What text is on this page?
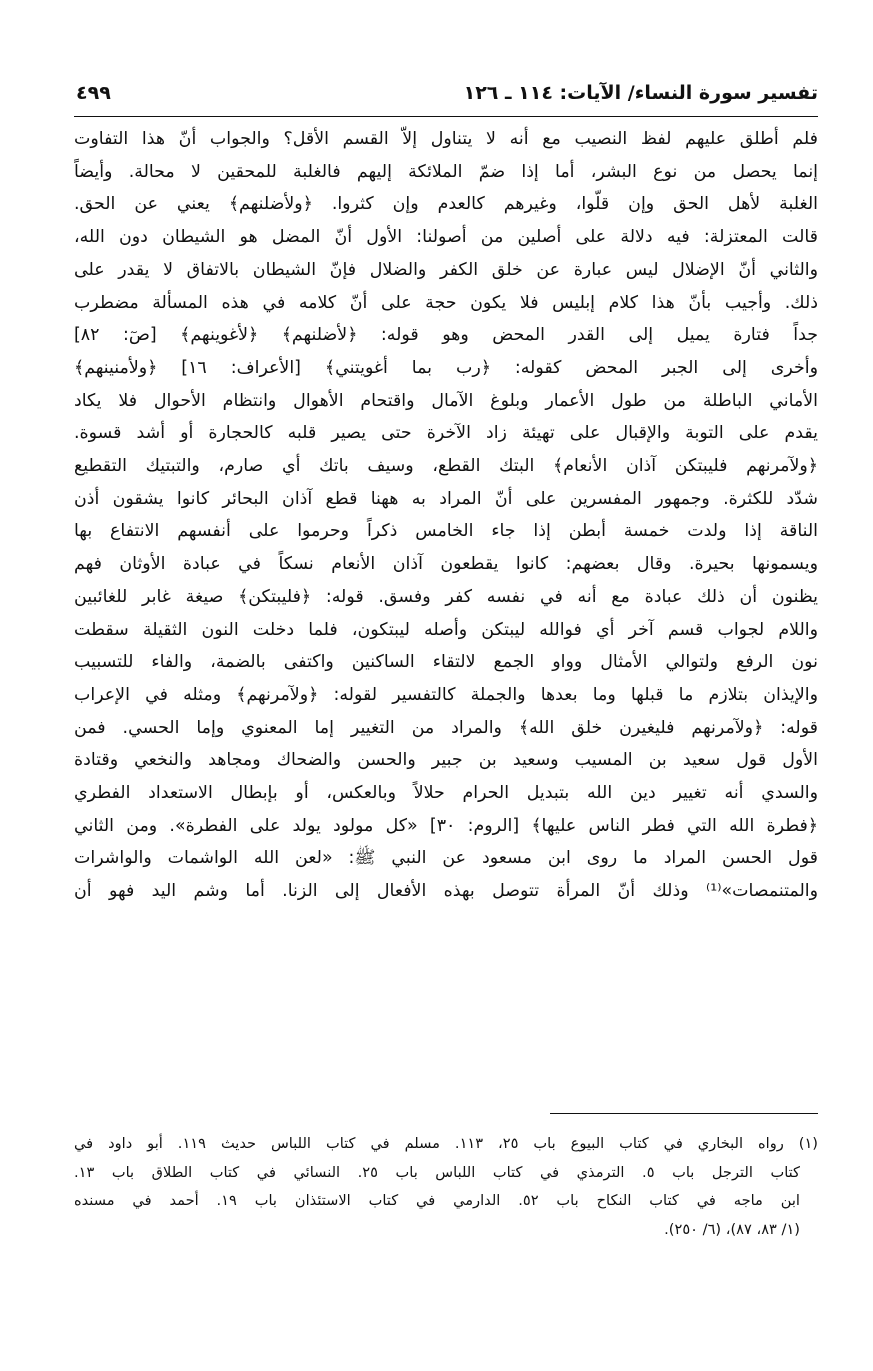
تفسير سورة النساء/ الآيات: ١١٤ ـ ١٢٦
٤٩٩
فلم أطلق عليهم لفظ النصيب مع أنه لا يتناول إلاّ القسم الأقل؟ والجواب أنّ هذا التفاوت
إنما يحصل من نوع البشر، أما إذا ضمّ الملائكة إليهم فالغلبة للمحقين لا محالة. وأيضاً
الغلبة لأهل الحق وإن قلّوا، وغيرهم كالعدم وإن كثروا. ﴿ولأضلنهم﴾ يعني عن الحق.
قالت المعتزلة: فيه دلالة على أصلين من أصولنا: الأول أنّ المضل هو الشيطان دون الله،
والثاني أنّ الإضلال ليس عبارة عن خلق الكفر والضلال فإنّ الشيطان بالاتفاق لا يقدر على
ذلك. وأجيب بأنّ هذا كلام إبليس فلا يكون حجة على أنّ كلامه في هذه المسألة مضطرب
جداً فتارة يميل إلى القدر المحض وهو قوله: ﴿لأضلنهم﴾ ﴿لأغوينهم﴾ [صٓ: ٨٢]
وأخرى إلى الجبر المحض كقوله: ﴿رب بما أغويتني﴾ [الأعراف: ١٦] ﴿ولأمنينهم﴾
الأماني الباطلة من طول الأعمار وبلوغ الآمال واقتحام الأهوال وانتظام الأحوال فلا يكاد
يقدم على التوبة والإقبال على تهيئة زاد الآخرة حتى يصير قلبه كالحجارة أو أشد قسوة.
﴿ولآمرنهم فليبتكن آذان الأنعام﴾ البتك القطع، وسيف باتك أي صارم، والتبتيك التقطيع
شدّد للكثرة. وجمهور المفسرين على أنّ المراد به ههنا قطع آذان البحائر كانوا يشقون أذن
الناقة إذا ولدت خمسة أبطن إذا جاء الخامس ذكراً وحرموا على أنفسهم الانتفاع بها
ويسمونها بحيرة. وقال بعضهم: كانوا يقطعون آذان الأنعام نسكاً في عبادة الأوثان فهم
يظنون أن ذلك عبادة مع أنه في نفسه كفر وفسق. قوله: ﴿فليبتكن﴾ صيغة غابر للغائبين
واللام لجواب قسم آخر أي فوالله ليبتكن وأصله ليبتكون، فلما دخلت النون الثقيلة سقطت
نون الرفع ولتوالي الأمثال وواو الجمع لالتقاء الساكنين واكتفى بالضمة، والفاء للتسبيب
والإيذان بتلازم ما قبلها وما بعدها والجملة كالتفسير لقوله: ﴿ولآمرنهم﴾ ومثله في الإعراب
قوله: ﴿ولآمرنهم فليغيرن خلق الله﴾ والمراد من التغيير إما المعنوي وإما الحسي. فمن
الأول قول سعيد بن المسيب وسعيد بن جبير والحسن والضحاك ومجاهد والنخعي وقتادة
والسدي أنه تغيير دين الله بتبديل الحرام حلالاً وبالعكس، أو بإبطال الاستعداد الفطري
﴿فطرة الله التي فطر الناس عليها﴾ [الروم: ٣٠] «كل مولود يولد على الفطرة». ومن الثاني
قول الحسن المراد ما روى ابن مسعود عن النبي ﷺ: «لعن الله الواشمات والواشرات
والمتنمصات»⁽¹⁾ وذلك أنّ المرأة تتوصل بهذه الأفعال إلى الزنا. أما وشم اليد فهو أن
(١) رواه البخاري في كتاب البيوع باب ٢٥، ١١٣. مسلم في كتاب اللباس حديث ١١٩. أبو داود في
كتاب الترجل باب ٥. الترمذي في كتاب اللباس باب ٢٥. النسائي في كتاب الطلاق باب ١٣.
ابن ماجه في كتاب النكاح باب ٥٢. الدارمي في كتاب الاستئذان باب ١٩. أحمد في مسنده
(١/ ٨٣، ٨٧)، (٦/ ٢٥٠).
